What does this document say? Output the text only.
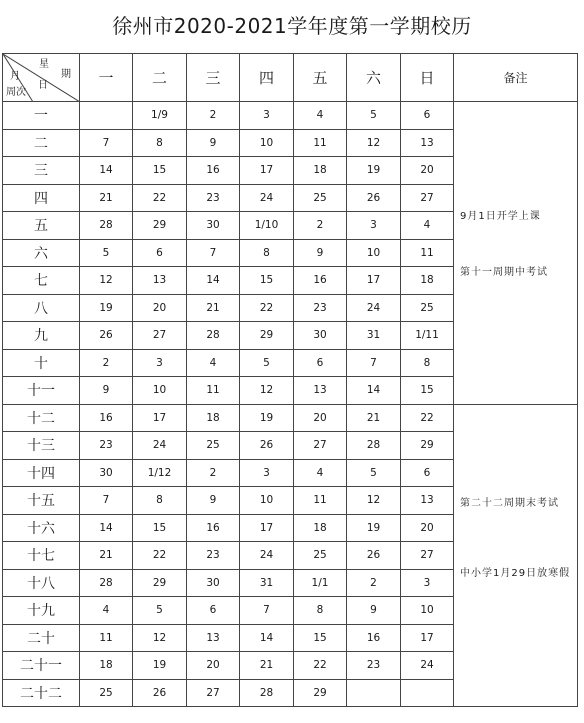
徐州市2020-2021学年度第一学期校历
星
期
月
日
周次	一	二	三	四	五	六	日	备注
一		1/9	2	3	4	5	6	9月1日开学上课
第十一周期中考试

二	7	8	9	10	11	12	13	
三	14	15	16	17	18	19	20	
四	21	22	23	24	25	26	27	
五	28	29	30	1/10	2	3	4	
六	5	6	7	8	9	10	11	
七	12	13	14	15	16	17	18	
八	19	20	21	22	23	24	25	
九	26	27	28	29	30	31	1/11	
十	2	3	4	5	6	7	8	
十一	9	10	11	12	13	14	15	
十二	16	17	18	19	20	21	22	第二十二周期末考试
中小学1月29日放寒假

十三	23	24	25	26	27	28	29	
十四	30	1/12	2	3	4	5	6	
十五	7	8	9	10	11	12	13	
十六	14	15	16	17	18	19	20	
十七	21	22	23	24	25	26	27	
十八	28	29	30	31	1/1	2	3	
十九	4	5	6	7	8	9	10	
二十	11	12	13	14	15	16	17	
二十一	18	19	20	21	22	23	24	
二十二	25	26	27	28	29			
